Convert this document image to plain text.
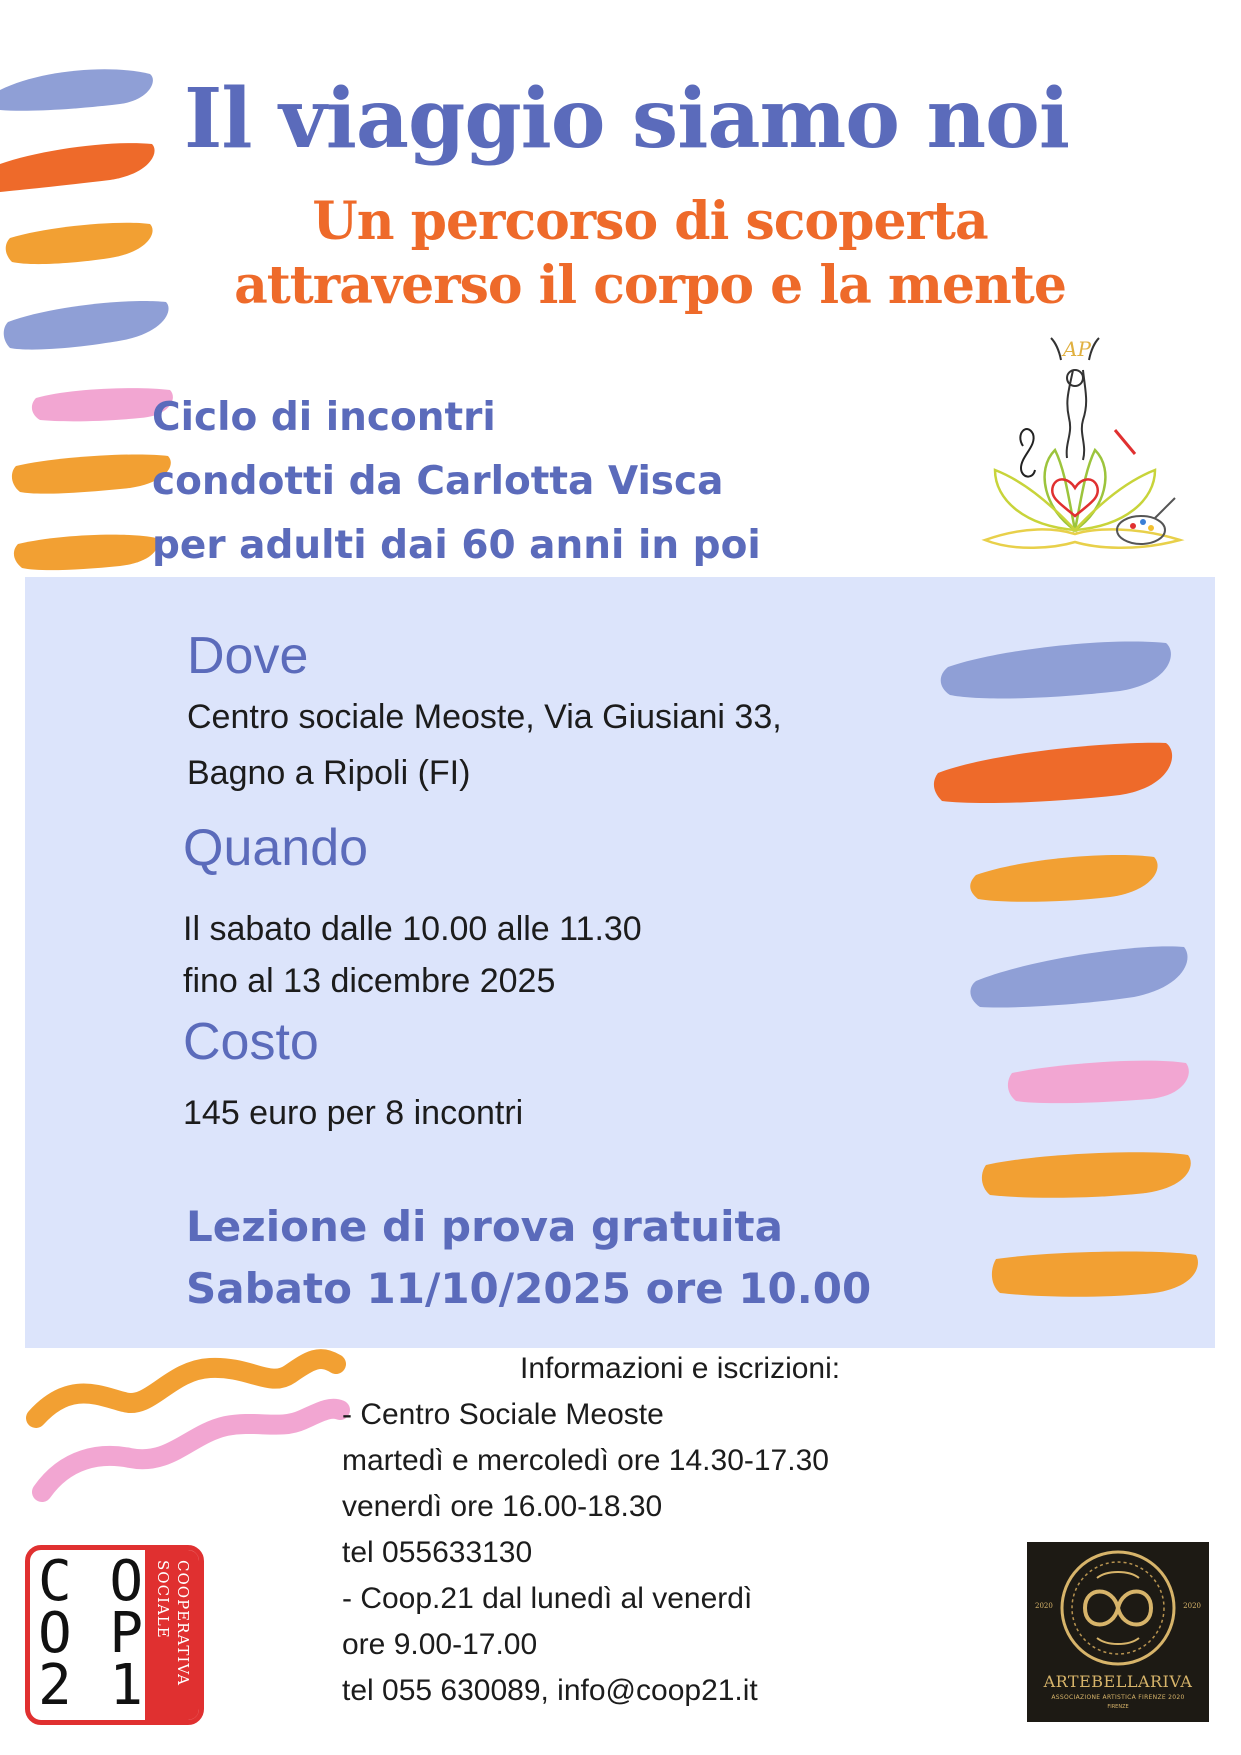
Il viaggio siamo noi
Un percorso di scoperta
attraverso il corpo e la mente
Ciclo di incontri
condotti da Carlotta Visca
per adulti dai 60 anni in poi
AP
Dove
Centro sociale Meoste, Via Giusiani 33,
Bagno a Ripoli (FI)
Quando
Il sabato dalle 10.00 alle 11.30
fino al 13 dicembre 2025
Costo
145 euro per 8 incontri
Lezione di prova gratuita
Sabato 11/10/2025 ore 10.00
Informazioni e iscrizioni:
- Centro Sociale Meoste
martedì e mercoledì ore 14.30-17.30
venerdì ore 16.00-18.30
tel 055633130
- Coop.21 dal lunedì al venerdì
ore 9.00-17.00
tel 055 630089, info@coop21.it
C O
O P
2 1	COOPERATIVA SOCIALE	2020	2020
ARTEBELLARIVA
ASSOCIAZIONE ARTISTICA FIRENZE 2020
FIRENZE
